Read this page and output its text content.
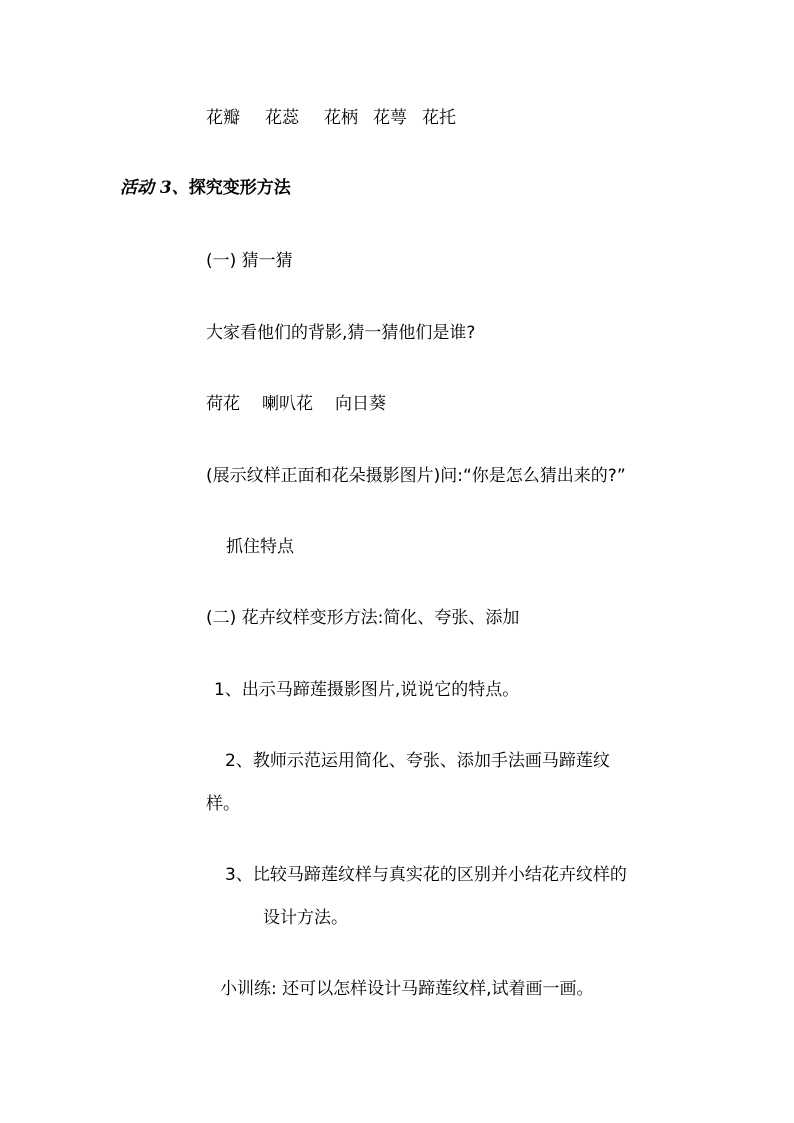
花瓣 花蕊 花柄 花萼 花托
活动 3、探究变形方法
(一) 猜一猜
大家看他们的背影,猜一猜他们是谁?
荷花 喇叭花 向日葵
(展示纹样正面和花朵摄影图片)问:“你是怎么猜出来的?”
抓住特点
(二) 花卉纹样变形方法:简化、夸张、添加
1、出示马蹄莲摄影图片,说说它的特点。
2、教师示范运用简化、夸张、添加手法画马蹄莲纹
样。
3、比较马蹄莲纹样与真实花的区别并小结花卉纹样的
设计方法。
小训练: 还可以怎样设计马蹄莲纹样,试着画一画。
